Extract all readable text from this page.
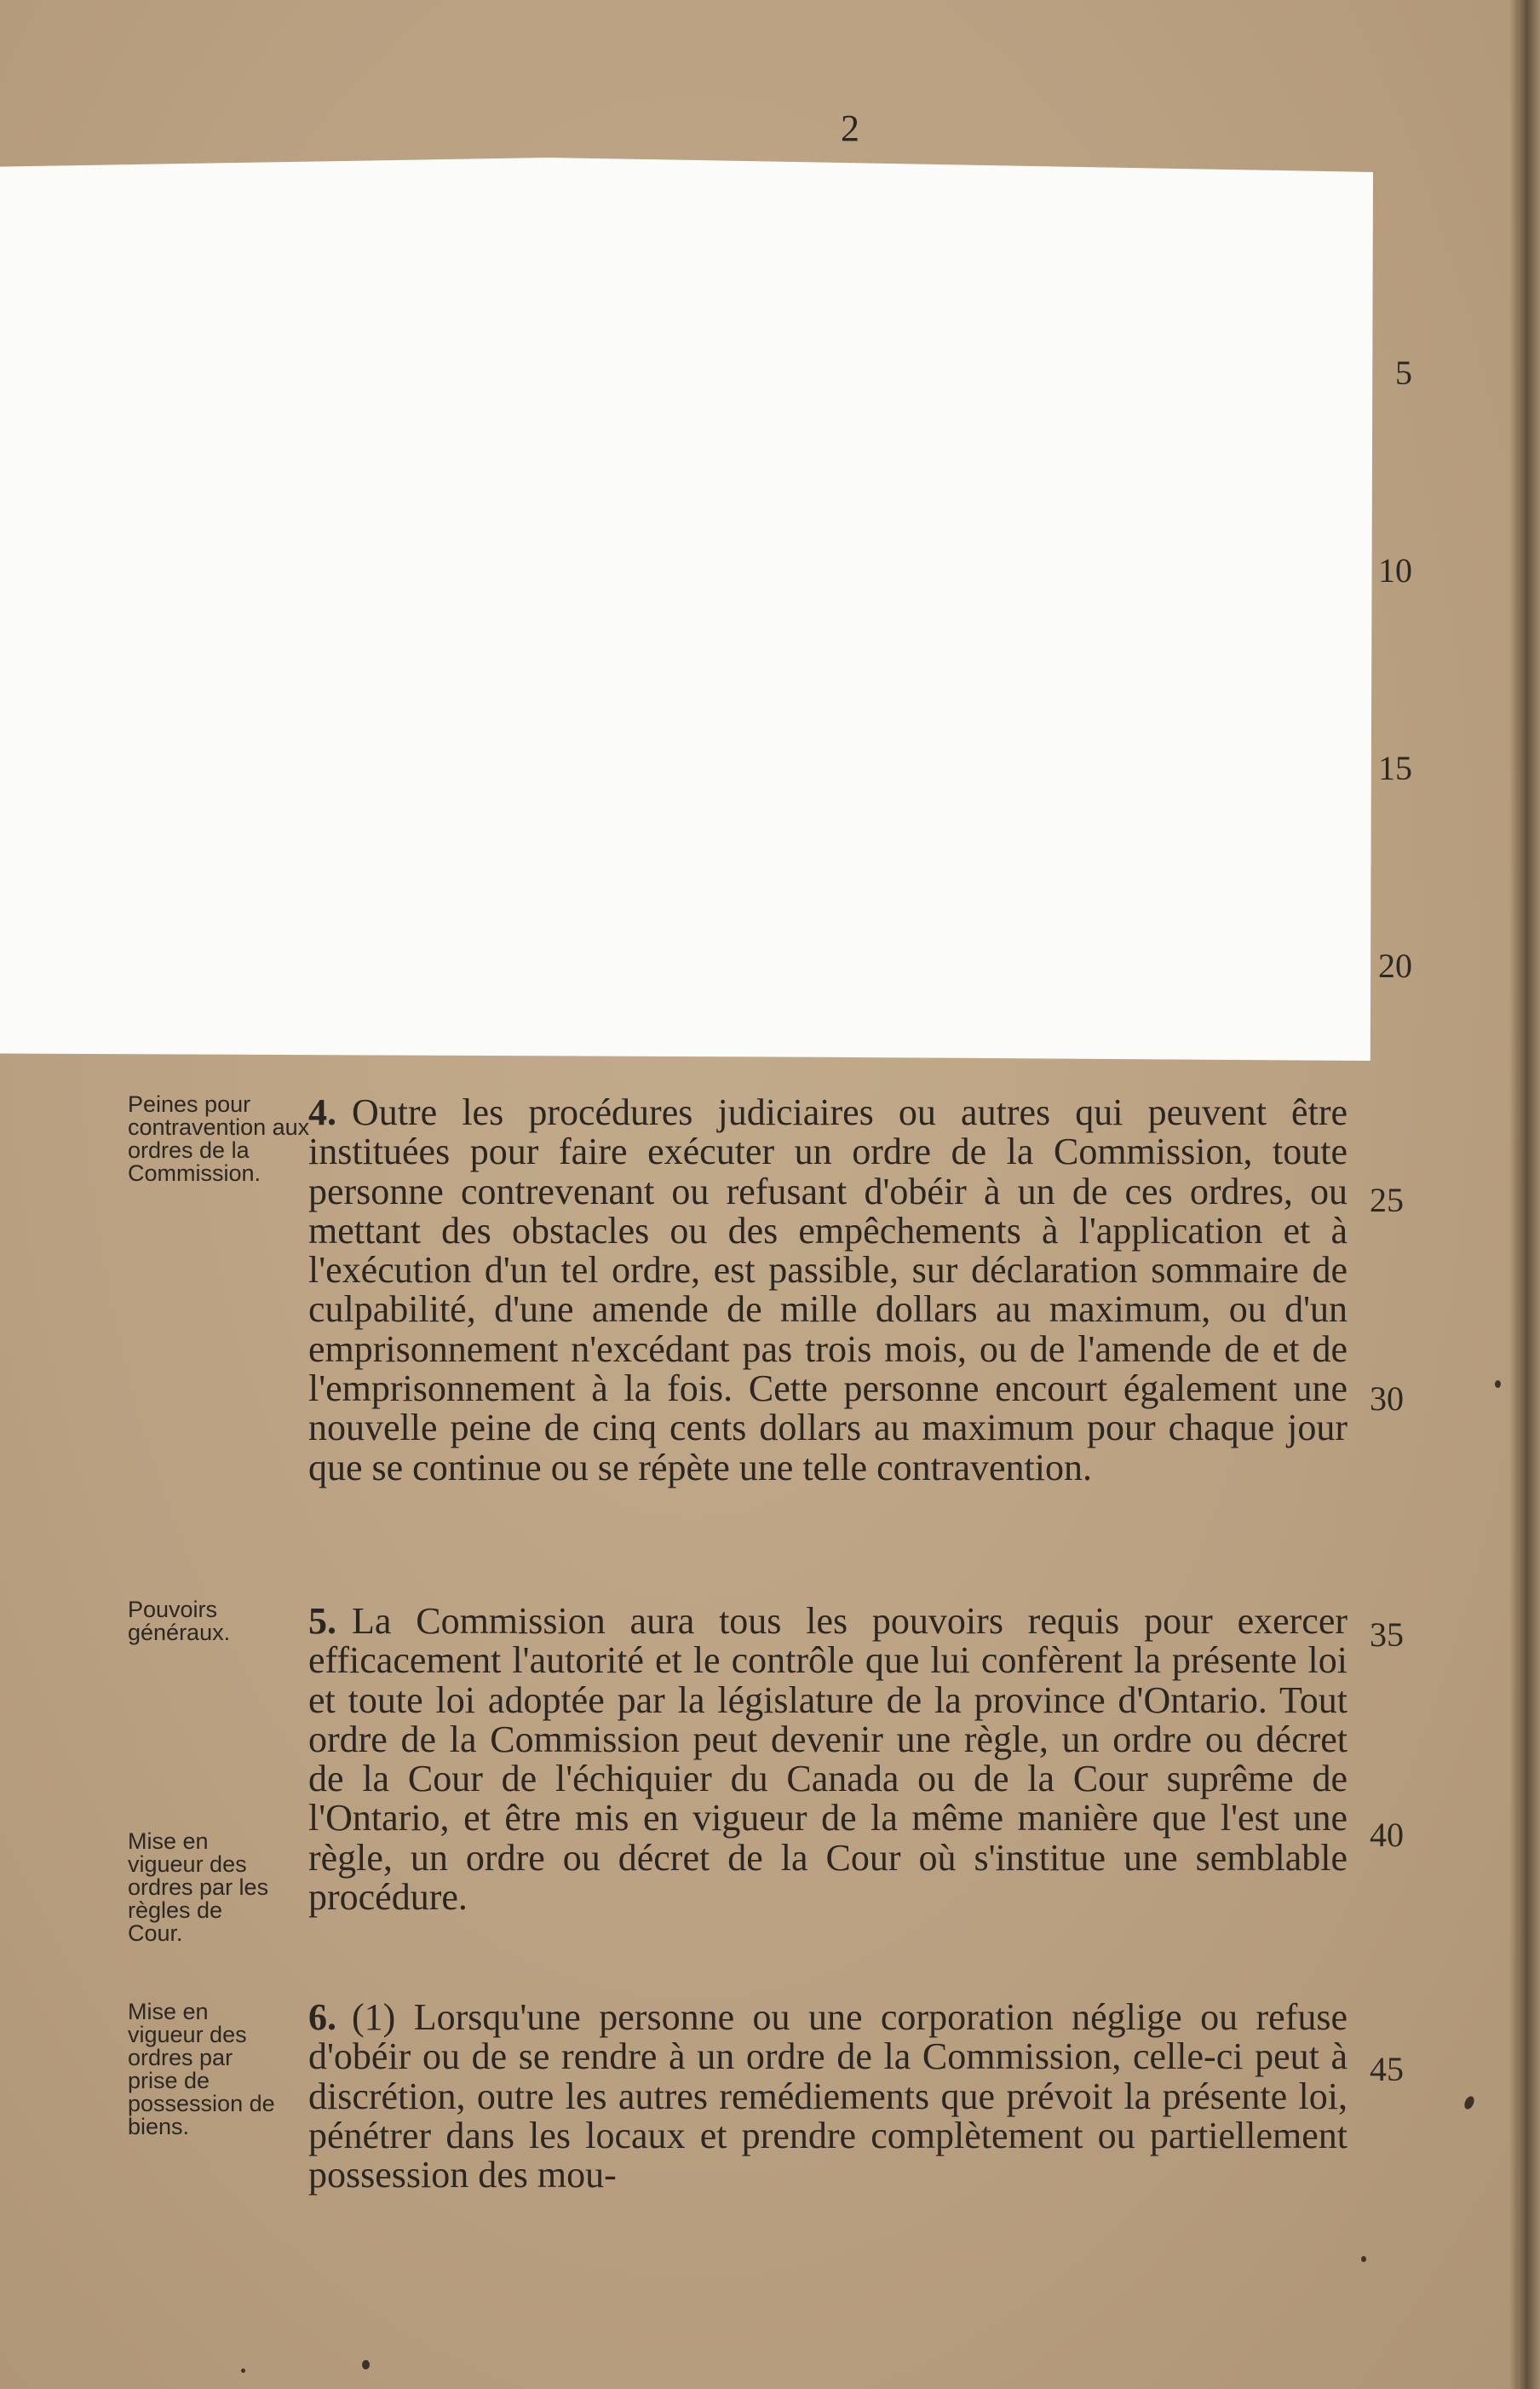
2
5
10
15
20
25
30
35
40
45
Peines pour contravention aux ordres de la Commission.
Pouvoirs généraux.
Mise en vigueur des ordres par les règles de Cour.
Mise en vigueur des ordres par prise de possession de biens.

4. Outre les procédures judiciaires ou autres qui peuvent être instituées pour faire exécuter un ordre de la Commission, toute personne contrevenant ou refusant d'obéir à un de ces ordres, ou mettant des obstacles ou des empêchements à l'application et à l'exécution d'un tel ordre, est passible, sur déclaration sommaire de culpabilité, d'une amende de mille dollars au maximum, ou d'un emprisonnement n'excédant pas trois mois, ou de l'amende de et de l'emprisonnement à la fois. Cette personne encourt également une nouvelle peine de cinq cents dollars au maximum pour chaque jour que se continue ou se répète une telle contravention.

5. La Commission aura tous les pouvoirs requis pour exercer efficacement l'autorité et le contrôle que lui confèrent la présente loi et toute loi adoptée par la législature de la province d'Ontario. Tout ordre de la Commission peut devenir une règle, un ordre ou décret de la Cour de l'échiquier du Canada ou de la Cour suprême de l'Ontario, et être mis en vigueur de la même manière que l'est une règle, un ordre ou décret de la Cour où s'institue une semblable procédure.

6. (1) Lorsqu'une personne ou une corporation néglige ou refuse d'obéir ou de se rendre à un ordre de la Commission, celle-ci peut à discrétion, outre les autres remédiements que prévoit la présente loi, pénétrer dans les locaux et prendre complètement ou partiellement possession des mou-
